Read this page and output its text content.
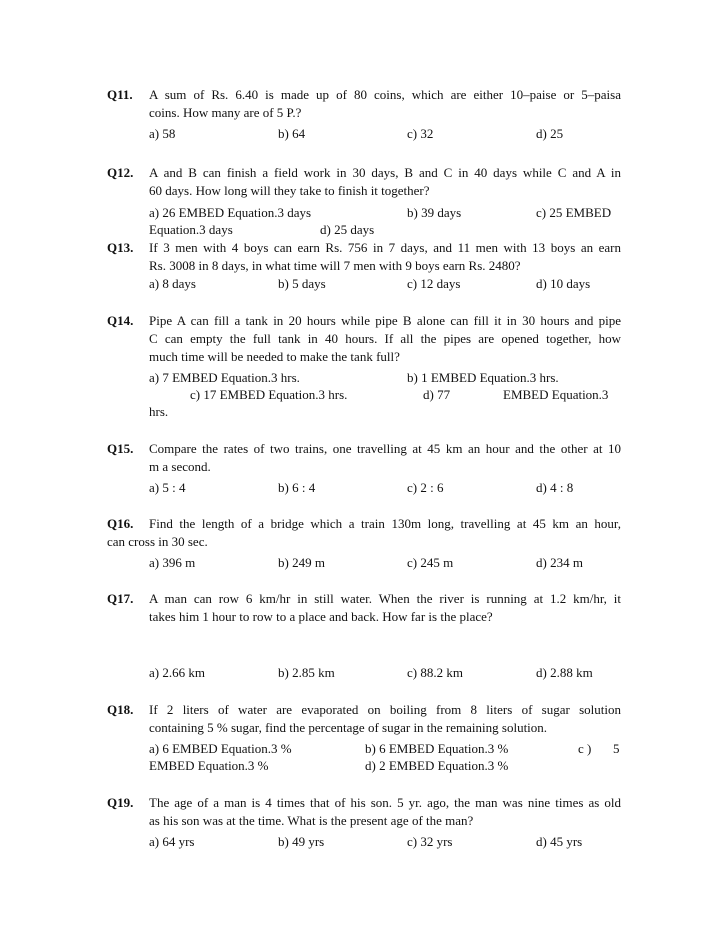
Q11. A sum of Rs. 6.40 is made up of 80 coins, which are either 10–paise or 5–paisa
coins. How many are of 5 P.?
a) 58	b) 64	c) 32	d) 25
Q12. A and B can finish a field work in 30 days, B and C in 40 days while C and A in
60 days. How long will they take to finish it together?
a) 26 EMBED Equation.3 days	b) 39 days	c) 25 EMBED
Equation.3 days	d) 25 days
Q13. If 3 men with 4 boys can earn Rs. 756 in 7 days, and 11 men with 13 boys an earn
Rs. 3008 in 8 days, in what time will 7 men with 9 boys earn Rs. 2480?
a) 8 days	b) 5 days	c) 12 days	d) 10 days
Q14. Pipe A can fill a tank in 20 hours while pipe B alone can fill it in 30 hours and pipe
C can empty the full tank in 40 hours. If all the pipes are opened together, how
much time will be needed to make the tank full?
a) 7 EMBED Equation.3 hrs.	b) 1 EMBED Equation.3 hrs.
c) 17 EMBED Equation.3 hrs.	d) 77	EMBED Equation.3
hrs.
Q15. Compare the rates of two trains, one travelling at 45 km an hour and the other at 10
m a second.
a) 5 : 4	b) 6 : 4	c) 2 : 6	d) 4 : 8
Q16. Find the length of a bridge which a train 130m long, travelling at 45 km an hour,
can cross in 30 sec.
a) 396 m	b) 249 m	c) 245 m	d) 234 m
Q17. A man can row 6 km/hr in still water. When the river is running at 1.2 km/hr, it
takes him 1 hour to row to a place and back. How far is the place?
a) 2.66 km	b) 2.85 km	c) 88.2 km	d) 2.88 km
Q18. If 2 liters of water are evaporated on boiling from 8 liters of sugar solution
containing 5 % sugar, find the percentage of sugar in the remaining solution.
a) 6 EMBED Equation.3 %	b) 6 EMBED Equation.3 %	c ) 5
EMBED Equation.3 %	d) 2 EMBED Equation.3 %
Q19. The age of a man is 4 times that of his son. 5 yr. ago, the man was nine times as old
as his son was at the time. What is the present age of the man?
a) 64 yrs	b) 49 yrs	c) 32 yrs	d) 45 yrs
